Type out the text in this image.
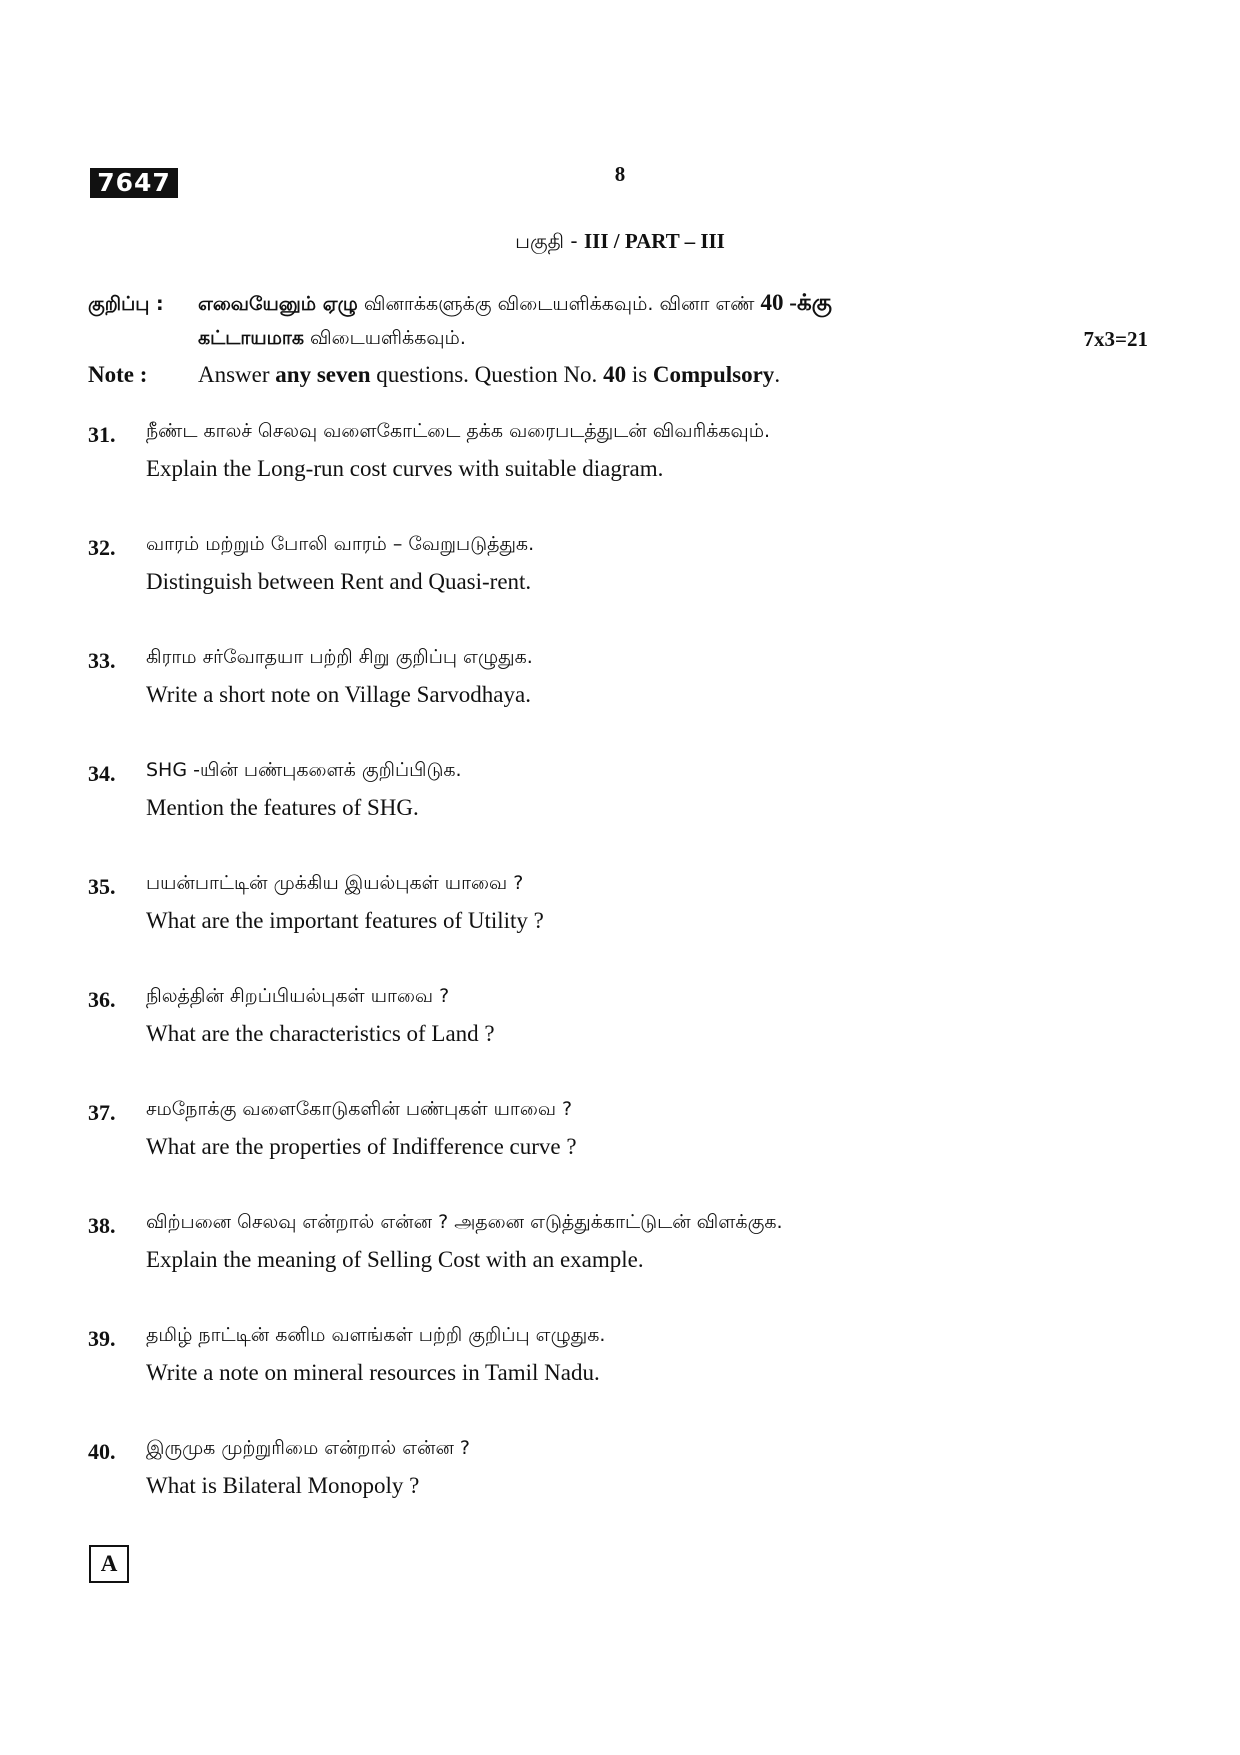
7647	8
பகுதி - III / PART – III
குறிப்பு : எவையேனும் ஏழு வினாக்களுக்கு விடையளிக்கவும். வினா எண் 40 -க்கு
கட்டாயமாக விடையளிக்கவும்.	7x3=21
Note : Answer any seven questions. Question No. 40 is Compulsory.
31.	நீண்ட காலச் செலவு வளைகோட்டை தக்க வரைபடத்துடன் விவரிக்கவும்.
Explain the Long-run cost curves with suitable diagram.
32.	வாரம் மற்றும் போலி வாரம் – வேறுபடுத்துக.
Distinguish between Rent and Quasi-rent.
33.	கிராம சர்வோதயா பற்றி சிறு குறிப்பு எழுதுக.
Write a short note on Village Sarvodhaya.
34.	SHG -யின் பண்புகளைக் குறிப்பிடுக.
Mention the features of SHG.
35.	பயன்பாட்டின் முக்கிய இயல்புகள் யாவை ?
What are the important features of Utility ?
36.	நிலத்தின் சிறப்பியல்புகள் யாவை ?
What are the characteristics of Land ?
37.	சமநோக்கு வளைகோடுகளின் பண்புகள் யாவை ?
What are the properties of Indifference curve ?
38.	விற்பனை செலவு என்றால் என்ன ? அதனை எடுத்துக்காட்டுடன் விளக்குக.
Explain the meaning of Selling Cost with an example.
39.	தமிழ் நாட்டின் கனிம வளங்கள் பற்றி குறிப்பு எழுதுக.
Write a note on mineral resources in Tamil Nadu.
40.	இருமுக முற்றுரிமை என்றால் என்ன ?
What is Bilateral Monopoly ?
A
